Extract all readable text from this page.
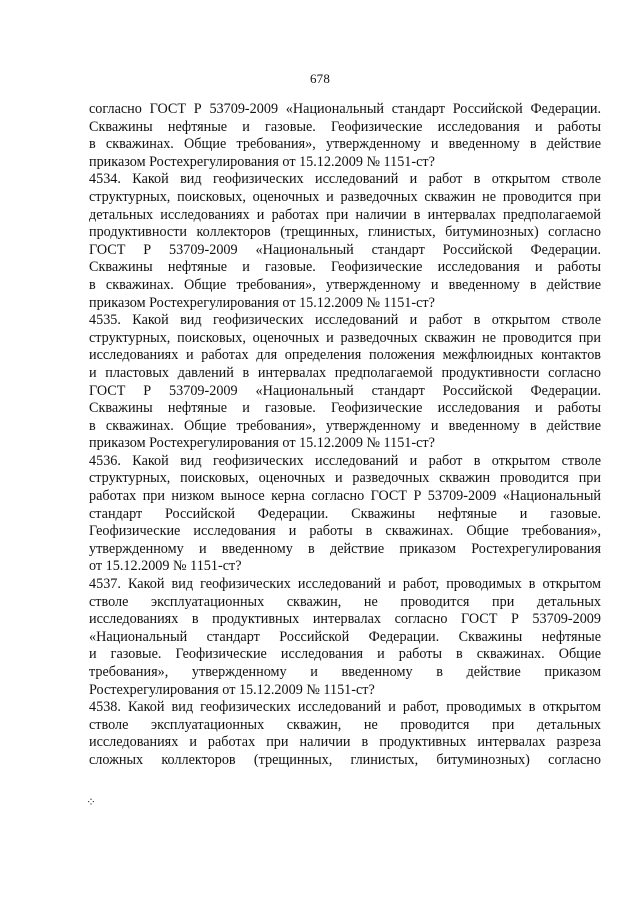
678
согласно ГОСТ Р 53709-2009 «Национальный стандарт Российской Федерации.
Скважины нефтяные и газовые. Геофизические исследования и работы
в скважинах. Общие требования», утвержденному и введенному в действие
приказом Ростехрегулирования от 15.12.2009 № 1151-ст?
4534. Какой вид геофизических исследований и работ в открытом стволе
структурных, поисковых, оценочных и разведочных скважин не проводится при
детальных исследованиях и работах при наличии в интервалах предполагаемой
продуктивности коллекторов (трещинных, глинистых, битуминозных) согласно
ГОСТ Р 53709-2009 «Национальный стандарт Российской Федерации.
Скважины нефтяные и газовые. Геофизические исследования и работы
в скважинах. Общие требования», утвержденному и введенному в действие
приказом Ростехрегулирования от 15.12.2009 № 1151-ст?
4535. Какой вид геофизических исследований и работ в открытом стволе
структурных, поисковых, оценочных и разведочных скважин не проводится при
исследованиях и работах для определения положения межфлюидных контактов
и пластовых давлений в интервалах предполагаемой продуктивности согласно
ГОСТ Р 53709-2009 «Национальный стандарт Российской Федерации.
Скважины нефтяные и газовые. Геофизические исследования и работы
в скважинах. Общие требования», утвержденному и введенному в действие
приказом Ростехрегулирования от 15.12.2009 № 1151-ст?
4536. Какой вид геофизических исследований и работ в открытом стволе
структурных, поисковых, оценочных и разведочных скважин проводится при
работах при низком выносе керна согласно ГОСТ Р 53709-2009 «Национальный
стандарт Российской Федерации. Скважины нефтяные и газовые.
Геофизические исследования и работы в скважинах. Общие требования»,
утвержденному и введенному в действие приказом Ростехрегулирования
от 15.12.2009 № 1151-ст?
4537. Какой вид геофизических исследований и работ, проводимых в открытом
стволе эксплуатационных скважин, не проводится при детальных
исследованиях в продуктивных интервалах согласно ГОСТ Р 53709-2009
«Национальный стандарт Российской Федерации. Скважины нефтяные
и газовые. Геофизические исследования и работы в скважинах. Общие
требования», утвержденному и введенному в действие приказом
Ростехрегулирования от 15.12.2009 № 1151-ст?
4538. Какой вид геофизических исследований и работ, проводимых в открытом
стволе эксплуатационных скважин, не проводится при детальных
исследованиях и работах при наличии в продуктивных интервалах разреза
сложных коллекторов (трещинных, глинистых, битуминозных) согласно
⁘
